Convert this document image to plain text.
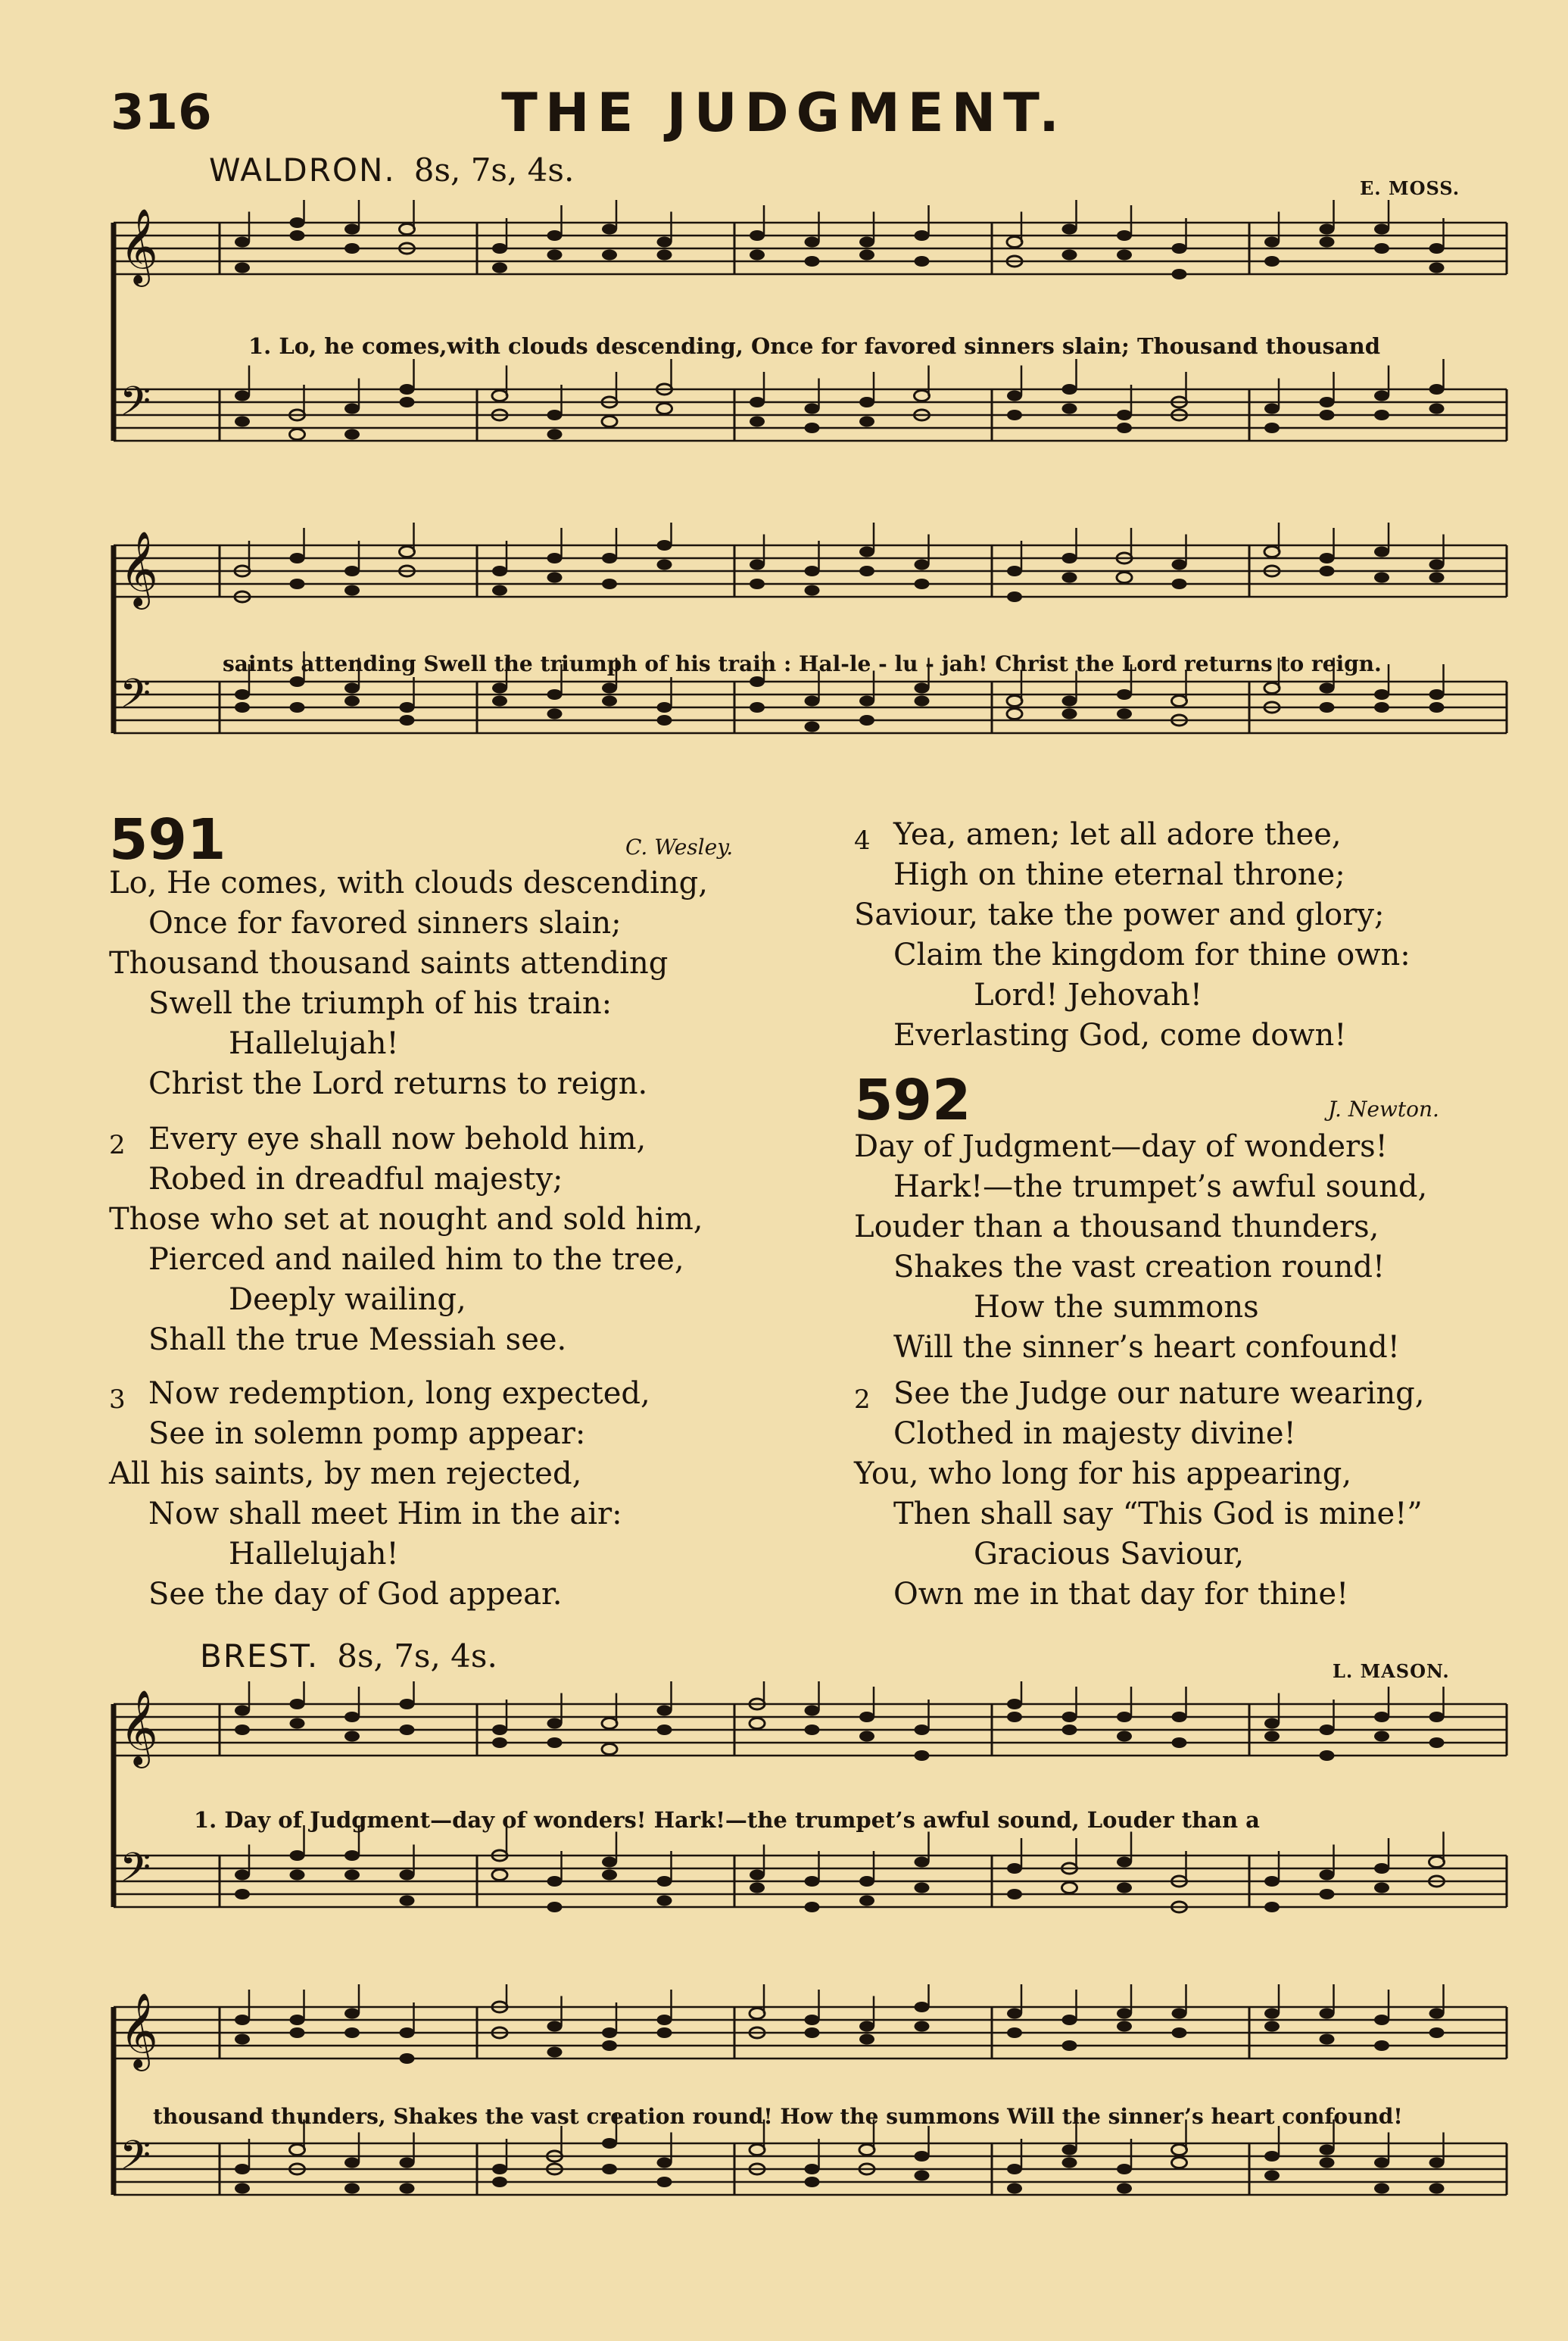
316	THE JUDGMENT.
WALDRON. 8s, 7s, 4s.	E. MOSS.
𝄞
𝄢
1. Lo, he comes,with clouds descending, Once for favored sinners slain; Thousand thousand
𝄞
𝄢
saints attending Swell the triumph of his train : Hal-le - lu - jah! Christ the Lord returns to reign.
591	C. Wesley.
Lo, He comes, with clouds descending,
Once for favored sinners slain;
Thousand thousand saints attending
Swell the triumph of his train:
Hallelujah!
Christ the Lord returns to reign.
2 Every eye shall now behold him,
Robed in dreadful majesty;
Those who set at nought and sold him,
Pierced and nailed him to the tree,
Deeply wailing,
Shall the true Messiah see.
3 Now redemption, long expected,
See in solemn pomp appear:
All his saints, by men rejected,
Now shall meet Him in the air:
Hallelujah!
See the day of God appear.
4 Yea, amen; let all adore thee,
High on thine eternal throne;
Saviour, take the power and glory;
Claim the kingdom for thine own:
Lord! Jehovah!
Everlasting God, come down!
592	J. Newton.
Day of Judgment—day of wonders!
Hark!—the trumpet’s awful sound,
Louder than a thousand thunders,
Shakes the vast creation round!
How the summons
Will the sinner’s heart confound!
2 See the Judge our nature wearing,
Clothed in majesty divine!
You, who long for his appearing,
Then shall say “This God is mine!”
Gracious Saviour,
Own me in that day for thine!
BREST. 8s, 7s, 4s.	L. MASON.
𝄞
𝄢
1. Day of Judgment—day of wonders! Hark!—the trumpet’s awful sound, Louder than a
𝄞
𝄢
thousand thunders, Shakes the vast creation round! How the summons Will the sinner’s heart confound!
